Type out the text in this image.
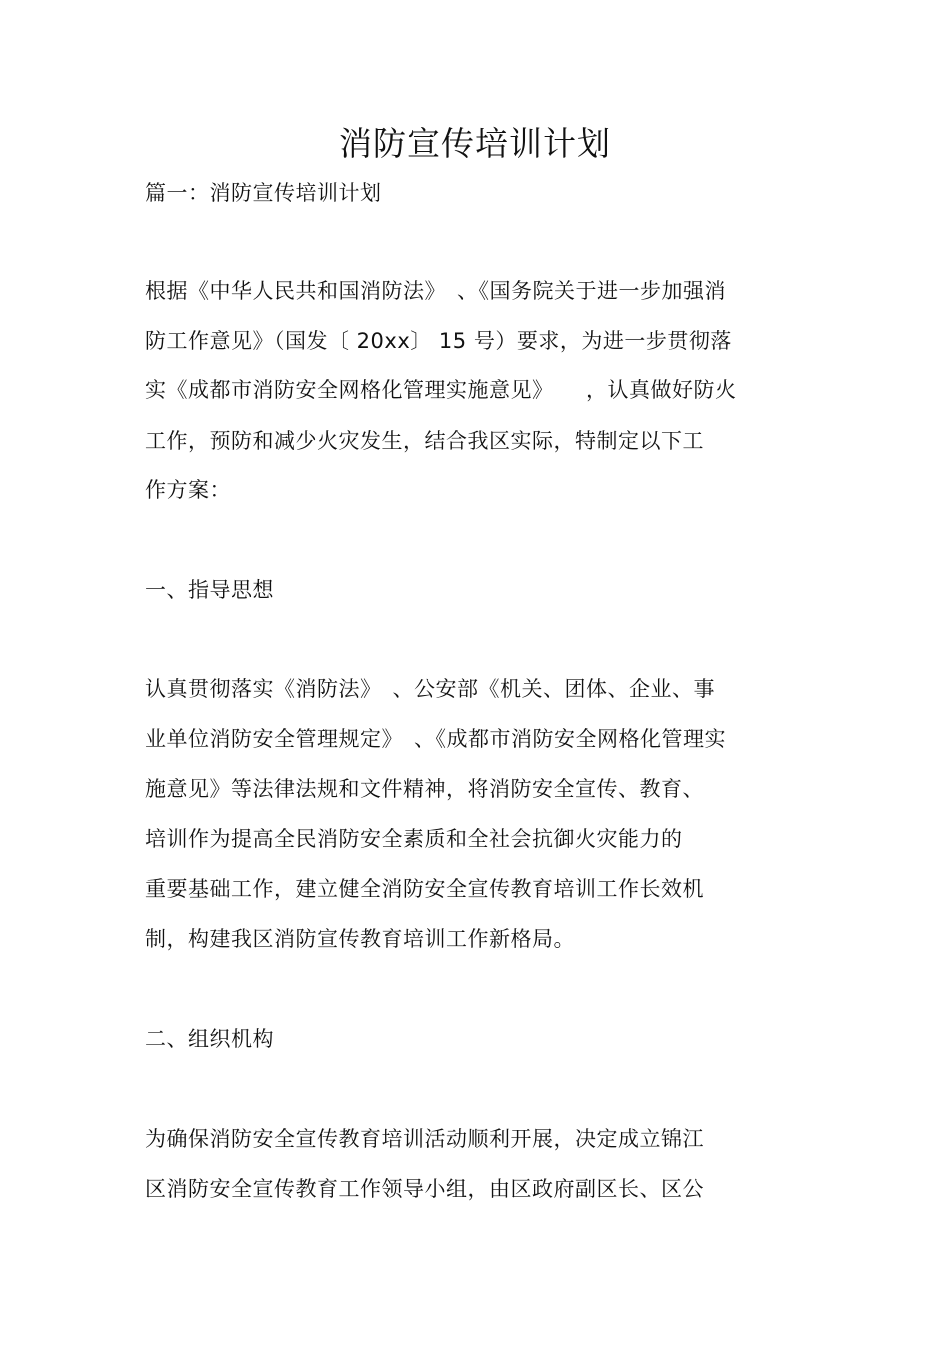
消防宣传培训计划
篇一：消防宣传培训计划
根据《中华人民共和国消防法》　、《国务院关于进一步加强消
防工作意见》（国发〔 20xx〕 15 号）要求，为进一步贯彻落
实《成都市消防安全网格化管理实施意见》　　，认真做好防火
工作，预防和减少火灾发生，结合我区实际，特制定以下工
作方案：
一、指导思想
认真贯彻落实《消防法》　、公安部《机关、团体、企业、事
业单位消防安全管理规定》　、《成都市消防安全网格化管理实
施意见》等法律法规和文件精神，将消防安全宣传、教育、
培训作为提高全民消防安全素质和全社会抗御火灾能力的
重要基础工作，建立健全消防安全宣传教育培训工作长效机
制，构建我区消防宣传教育培训工作新格局。
二、组织机构
为确保消防安全宣传教育培训活动顺利开展，决定成立锦江
区消防安全宣传教育工作领导小组，由区政府副区长、区公
